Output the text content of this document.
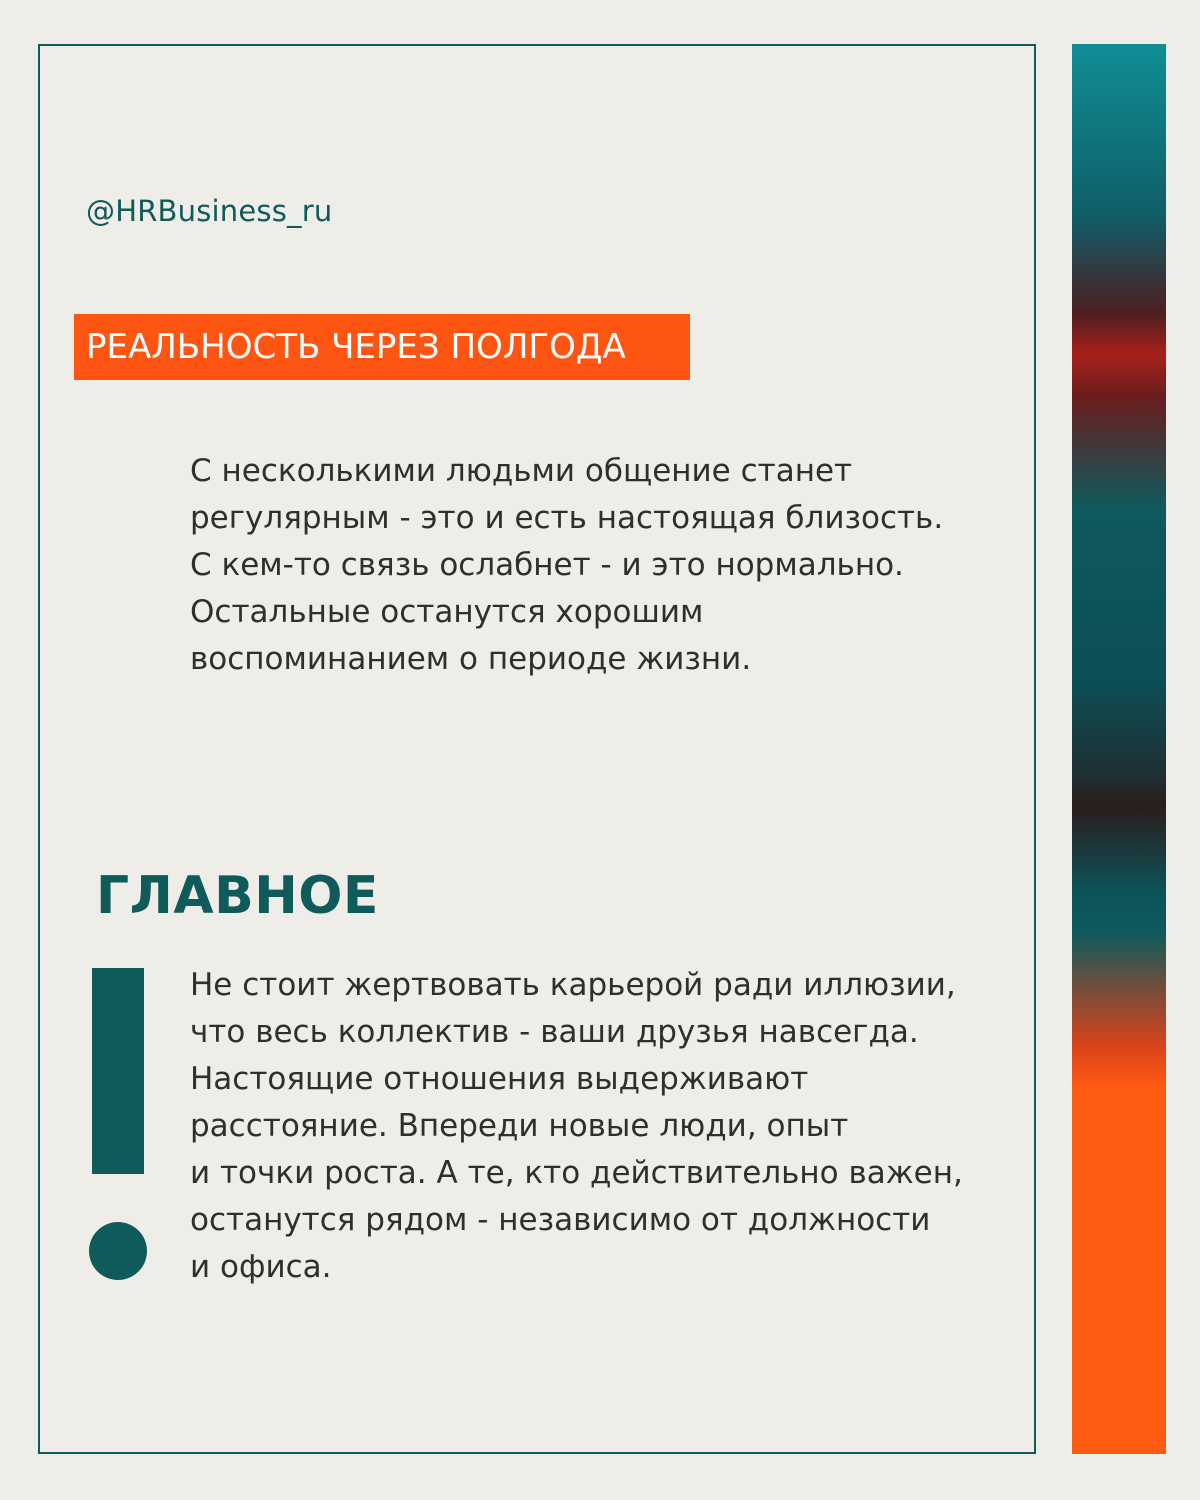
@HRBusiness_ru
РЕАЛЬНОСТЬ ЧЕРЕЗ ПОЛГОДА
С несколькими людьми общение станет
регулярным - это и есть настоящая близость.
С кем-то связь ослабнет - и это нормально.
Остальные останутся хорошим
воспоминанием о периоде жизни.
ГЛАВНОЕ
Не стоит жертвовать карьерой ради иллюзии,
что весь коллектив - ваши друзья навсегда.
Настоящие отношения выдерживают
расстояние. Впереди новые люди, опыт
и точки роста. А те, кто действительно важен,
останутся рядом - независимо от должности
и офиса.
